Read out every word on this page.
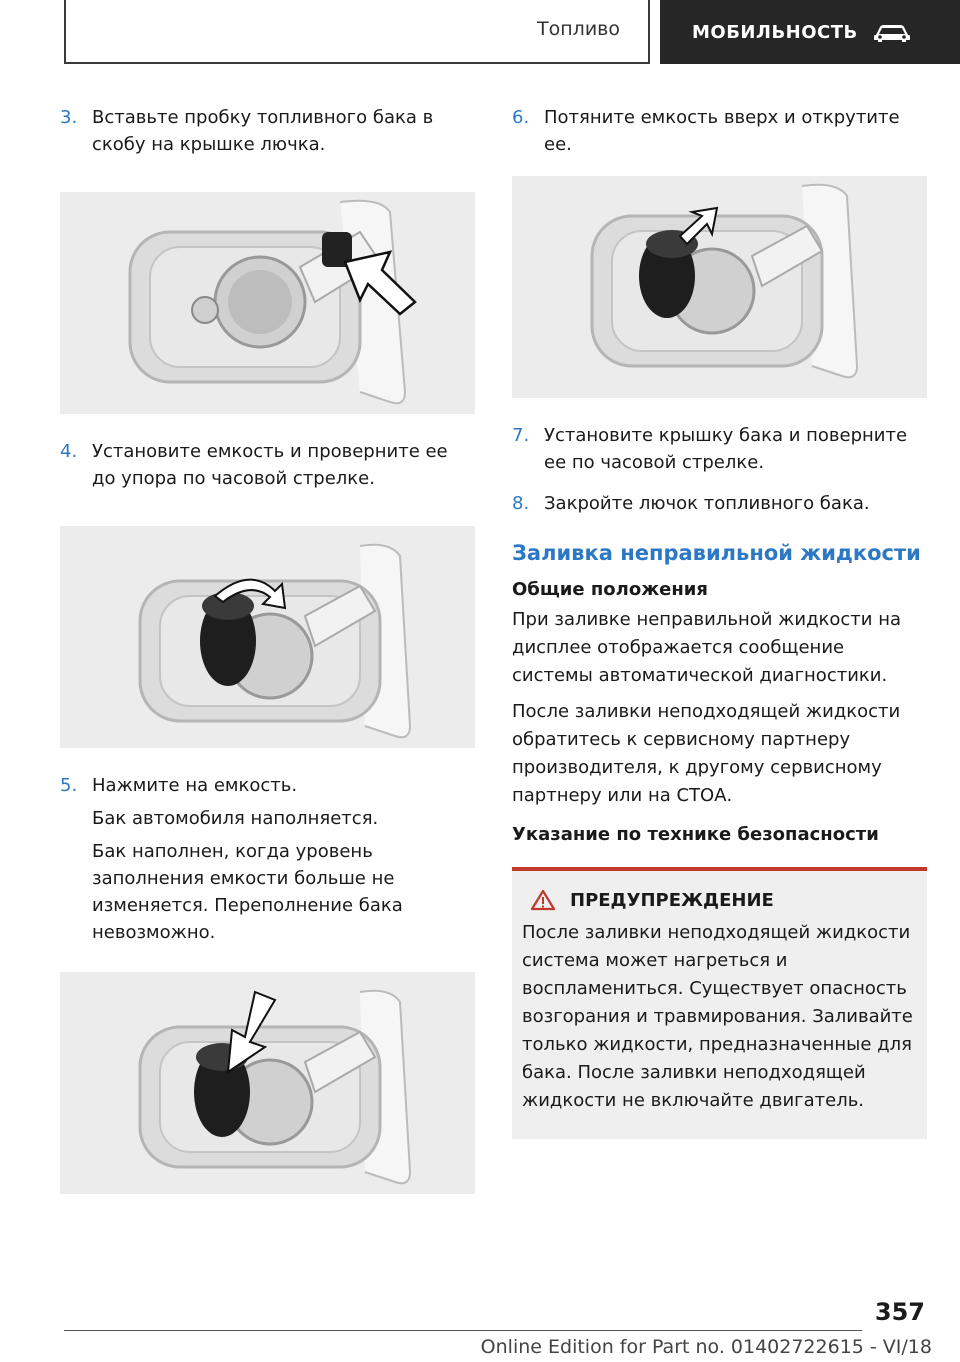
Топливо	МОБИЛЬНОСТЬ
3. Вставьте пробку топливного бака в скобу на крышке лючка.

4. Установите емкость и проверните ее до упора по часовой стрелке.

5. Нажмите на емкость.

Бак автомобиля наполняется.

Бак наполнен, когда уровень заполнения емкости больше не изменяется. Переполнение бака невозможно.

6. Потяните емкость вверх и открутите ее.

7. Установите крышку бака и поверните ее по часовой стрелке.

8. Закройте лючок топливного бака.

Заливка неправильной жидкости
Общие положения

При заливке неправильной жидкости на дисплее отображается сообщение системы автоматической диагностики.

После заливки неподходящей жидкости обратитесь к сервисному партнеру производителя, к другому сервисному партнеру или на СТОА.

Указание по технике безопасности
ПРЕДУПРЕЖДЕНИЕ

После заливки неподходящей жидкости система может нагреться и воспламениться. Существует опасность возгорания и травмирования. Заливайте только жидкости, предназначенные для бака. После заливки неподходящей жидкости не включайте двигатель.

357
Online Edition for Part no. 01402722615 - VI/18
